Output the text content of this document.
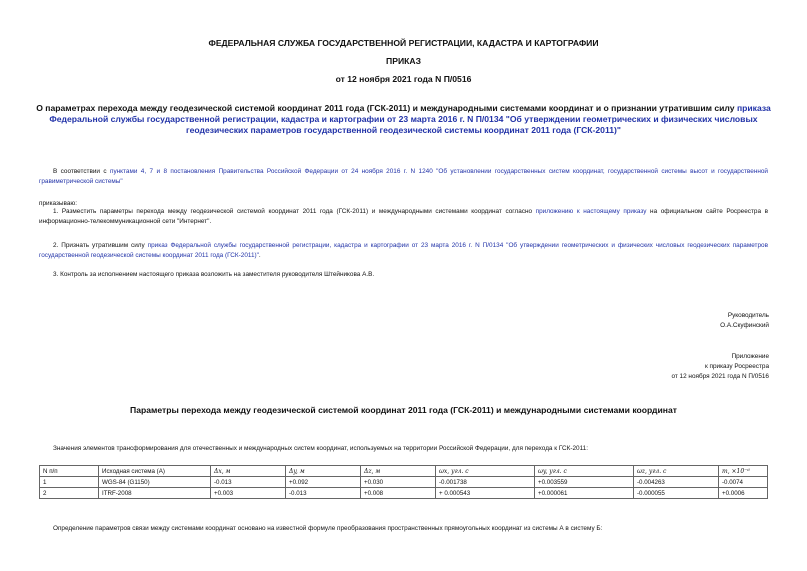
ФЕДЕРАЛЬНАЯ СЛУЖБА ГОСУДАРСТВЕННОЙ РЕГИСТРАЦИИ, КАДАСТРА И КАРТОГРАФИИ
ПРИКАЗ
от 12 ноября 2021 года N П/0516
О параметрах перехода между геодезической системой координат 2011 года (ГСК-2011) и международными системами координат и о признании утратившим силу приказа Федеральной службы государственной регистрации, кадастра и картографии от 23 марта 2016 г. N П/0134 "Об утверждении геометрических и физических числовых геодезических параметров государственной геодезической системы координат 2011 года (ГСК-2011)"
В соответствии с пунктами 4, 7 и 8 постановления Правительства Российской Федерации от 24 ноября 2016 г. N 1240 "Об установлении государственных систем координат, государственной системы высот и государственной гравиметрической системы"
приказываю:
1. Разместить параметры перехода между геодезической системой координат 2011 года (ГСК-2011) и международными системами координат согласно приложению к настоящему приказу на официальном сайте Росреестра в информационно-телекоммуникационной сети "Интернет".
2. Признать утратившим силу приказ Федеральной службы государственной регистрации, кадастра и картографии от 23 марта 2016 г. N П/0134 "Об утверждении геометрических и физических числовых геодезических параметров государственной геодезической системы координат 2011 года (ГСК-2011)".
3. Контроль за исполнением настоящего приказа возложить на заместителя руководителя Штейникова А.В.
Руководитель
О.А.Скуфинский
Приложение
к приказу Росреестра
от 12 ноября 2021 года N П/0516
Параметры перехода между геодезической системой координат 2011 года (ГСК-2011) и международными системами координат
Значения элементов трансформирования для отечественных и международных систем координат, используемых на территории Российской Федерации, для перехода к ГСК-2011:
N п/п	Исходная система (А)	Δx, м	Δy, м	Δz, м	ωx, угл. с	ωy, угл. с	ωz, угл. с	m, ×10⁻⁶
1	WGS-84 (G1150)	-0.013	+0.092	+0.030	-0.001738	+0.003559	-0.004263	-0.0074
2	ITRF-2008	+0.003	-0.013	+0.008	+ 0.000543	+0.000061	-0.000055	+0.0006
Определение параметров связи между системами координат основано на известной формуле преобразования пространственных прямоугольных координат из системы А в систему Б:
